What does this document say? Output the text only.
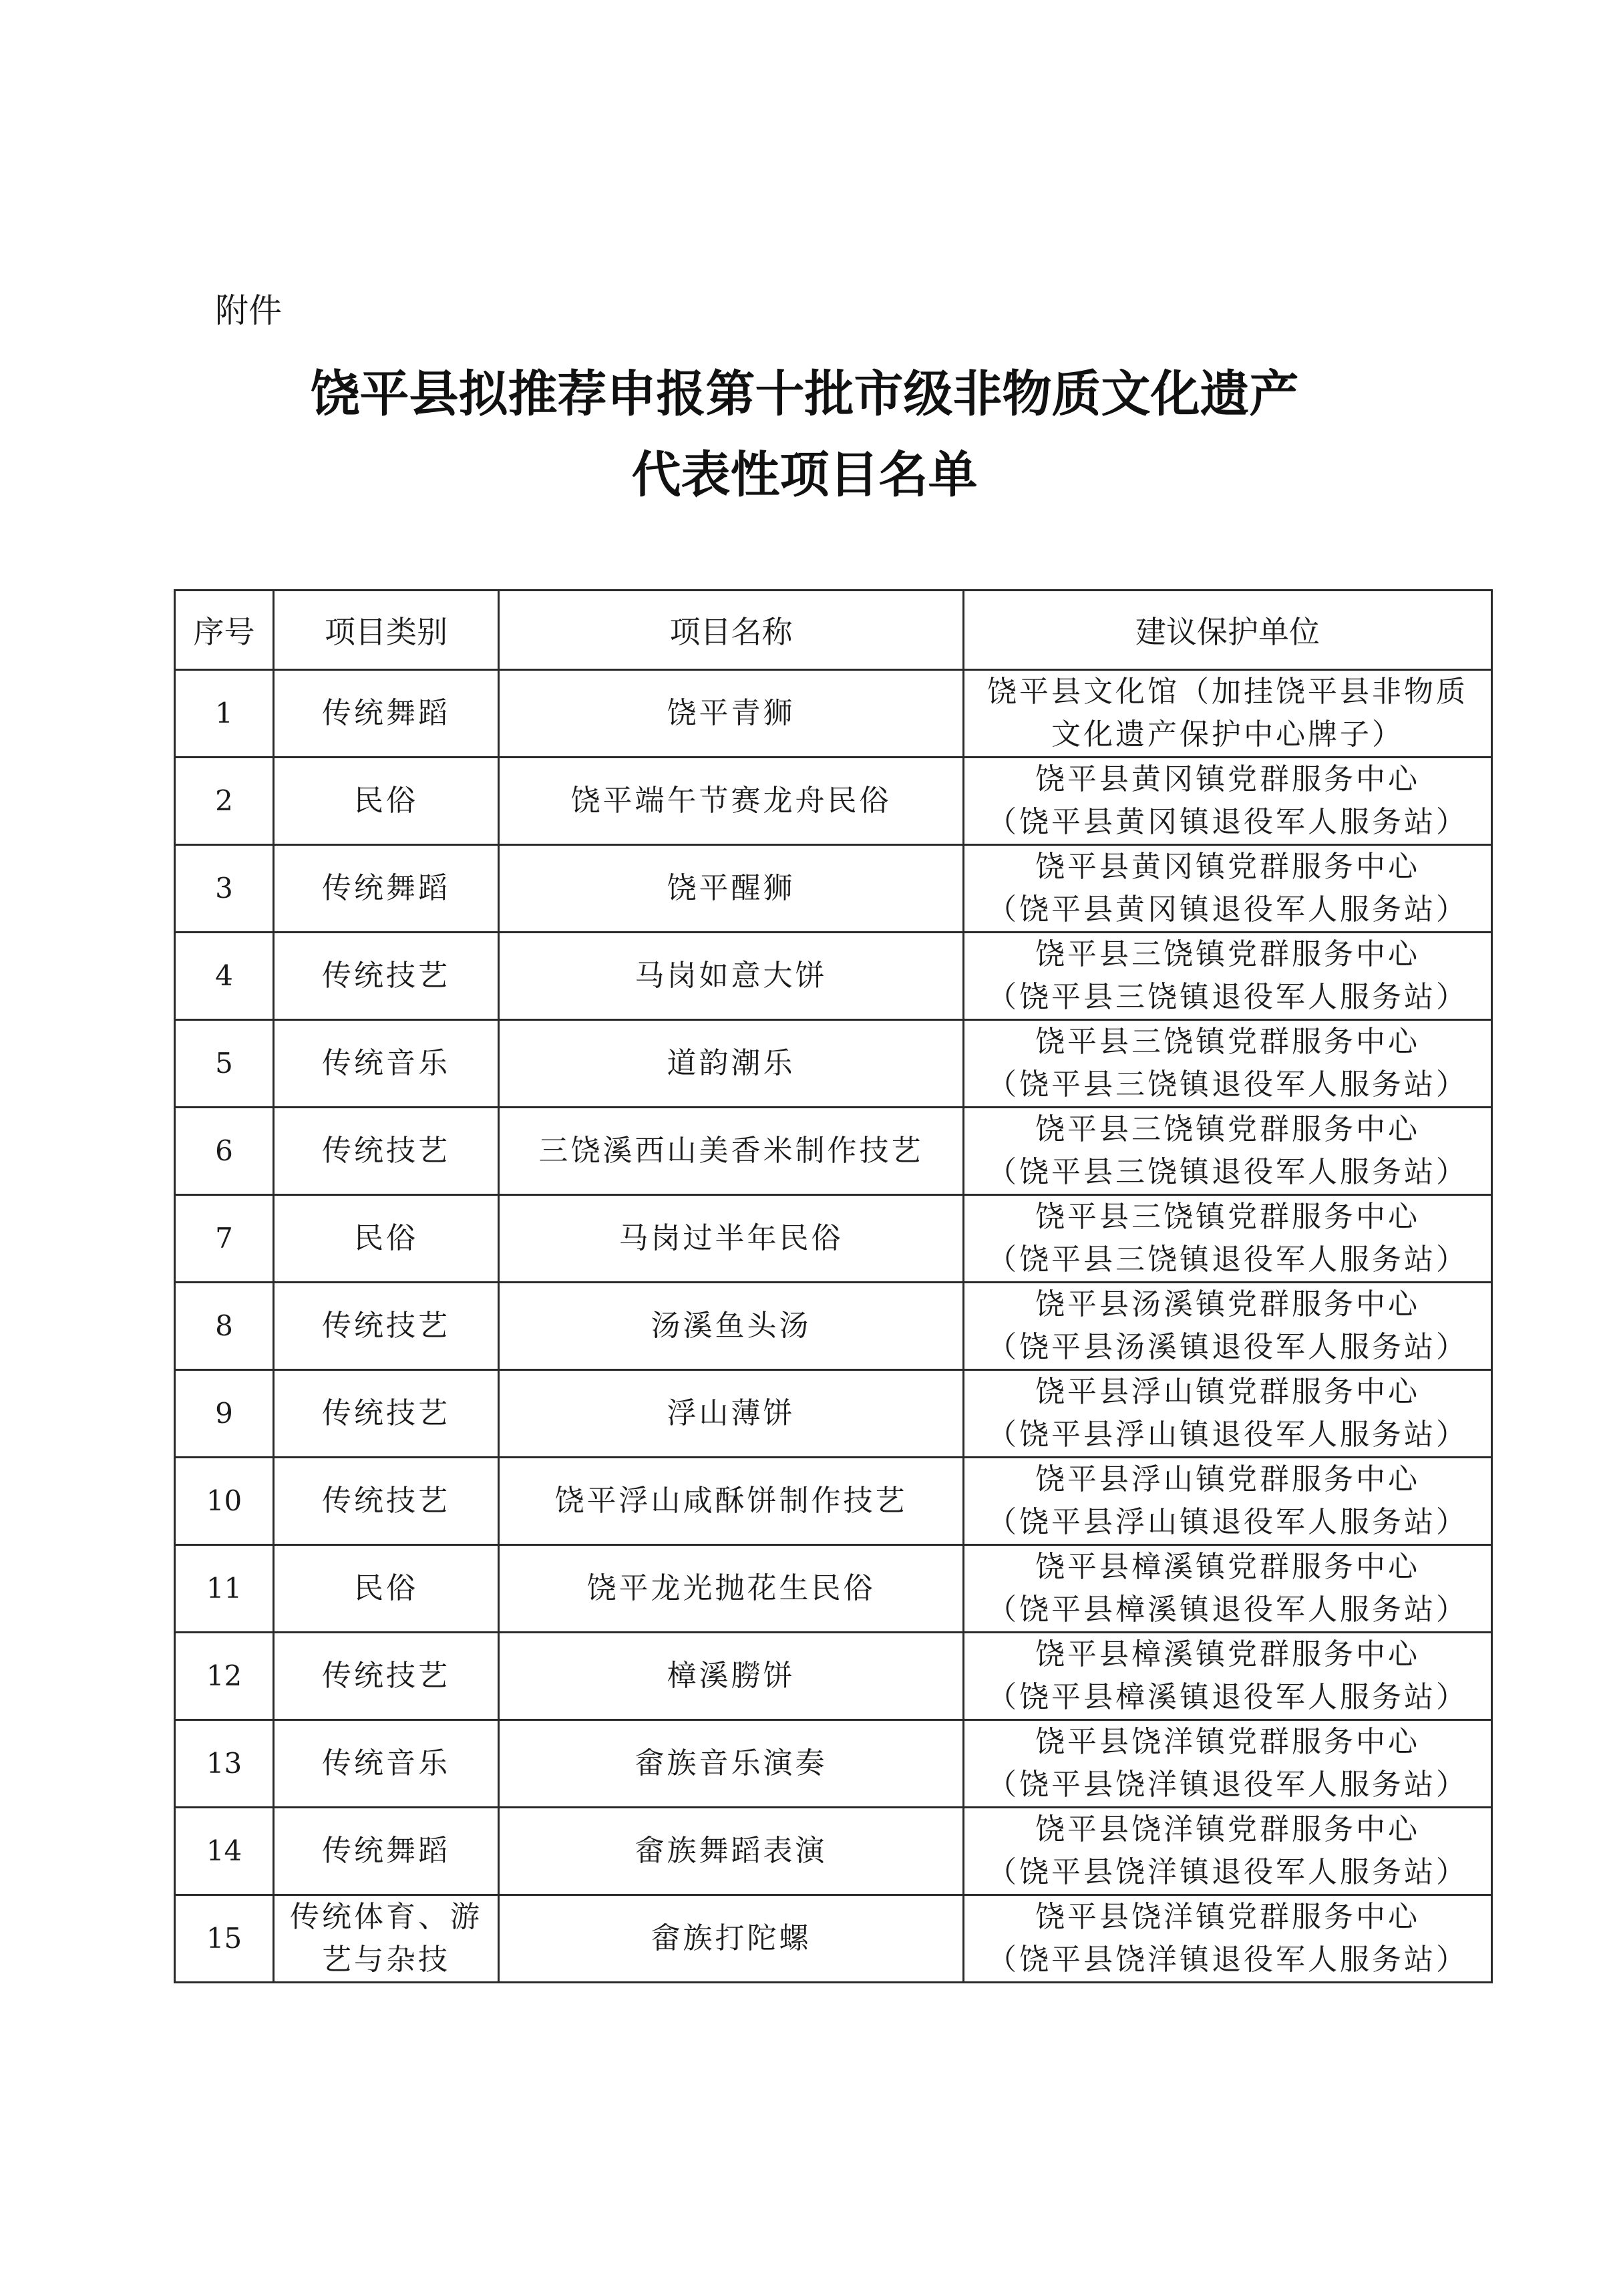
附件
饶平县拟推荐申报第十批市级非物质文化遗产
代表性项目名单
序号	项目类别	项目名称	建议保护单位
1	传统舞蹈	饶平青狮	饶平县文化馆（加挂饶平县非物质
文化遗产保护中心牌子）

2	民俗	饶平端午节赛龙舟民俗	饶平县黄冈镇党群服务中心
（饶平县黄冈镇退役军人服务站）

3	传统舞蹈	饶平醒狮	饶平县黄冈镇党群服务中心
（饶平县黄冈镇退役军人服务站）

4	传统技艺	马岗如意大饼	饶平县三饶镇党群服务中心
（饶平县三饶镇退役军人服务站）

5	传统音乐	道韵潮乐	饶平县三饶镇党群服务中心
（饶平县三饶镇退役军人服务站）

6	传统技艺	三饶溪西山美香米制作技艺	饶平县三饶镇党群服务中心
（饶平县三饶镇退役军人服务站）

7	民俗	马岗过半年民俗	饶平县三饶镇党群服务中心
（饶平县三饶镇退役军人服务站）

8	传统技艺	汤溪鱼头汤	饶平县汤溪镇党群服务中心
（饶平县汤溪镇退役军人服务站）

9	传统技艺	浮山薄饼	饶平县浮山镇党群服务中心
（饶平县浮山镇退役军人服务站）

10	传统技艺	饶平浮山咸酥饼制作技艺	饶平县浮山镇党群服务中心
（饶平县浮山镇退役军人服务站）

11	民俗	饶平龙光抛花生民俗	饶平县樟溪镇党群服务中心
（饶平县樟溪镇退役军人服务站）

12	传统技艺	樟溪朥饼	饶平县樟溪镇党群服务中心
（饶平县樟溪镇退役军人服务站）

13	传统音乐	畲族音乐演奏	饶平县饶洋镇党群服务中心
（饶平县饶洋镇退役军人服务站）

14	传统舞蹈	畲族舞蹈表演	饶平县饶洋镇党群服务中心
（饶平县饶洋镇退役军人服务站）

15	传统体育、游艺与杂技	畲族打陀螺	饶平县饶洋镇党群服务中心
（饶平县饶洋镇退役军人服务站）
